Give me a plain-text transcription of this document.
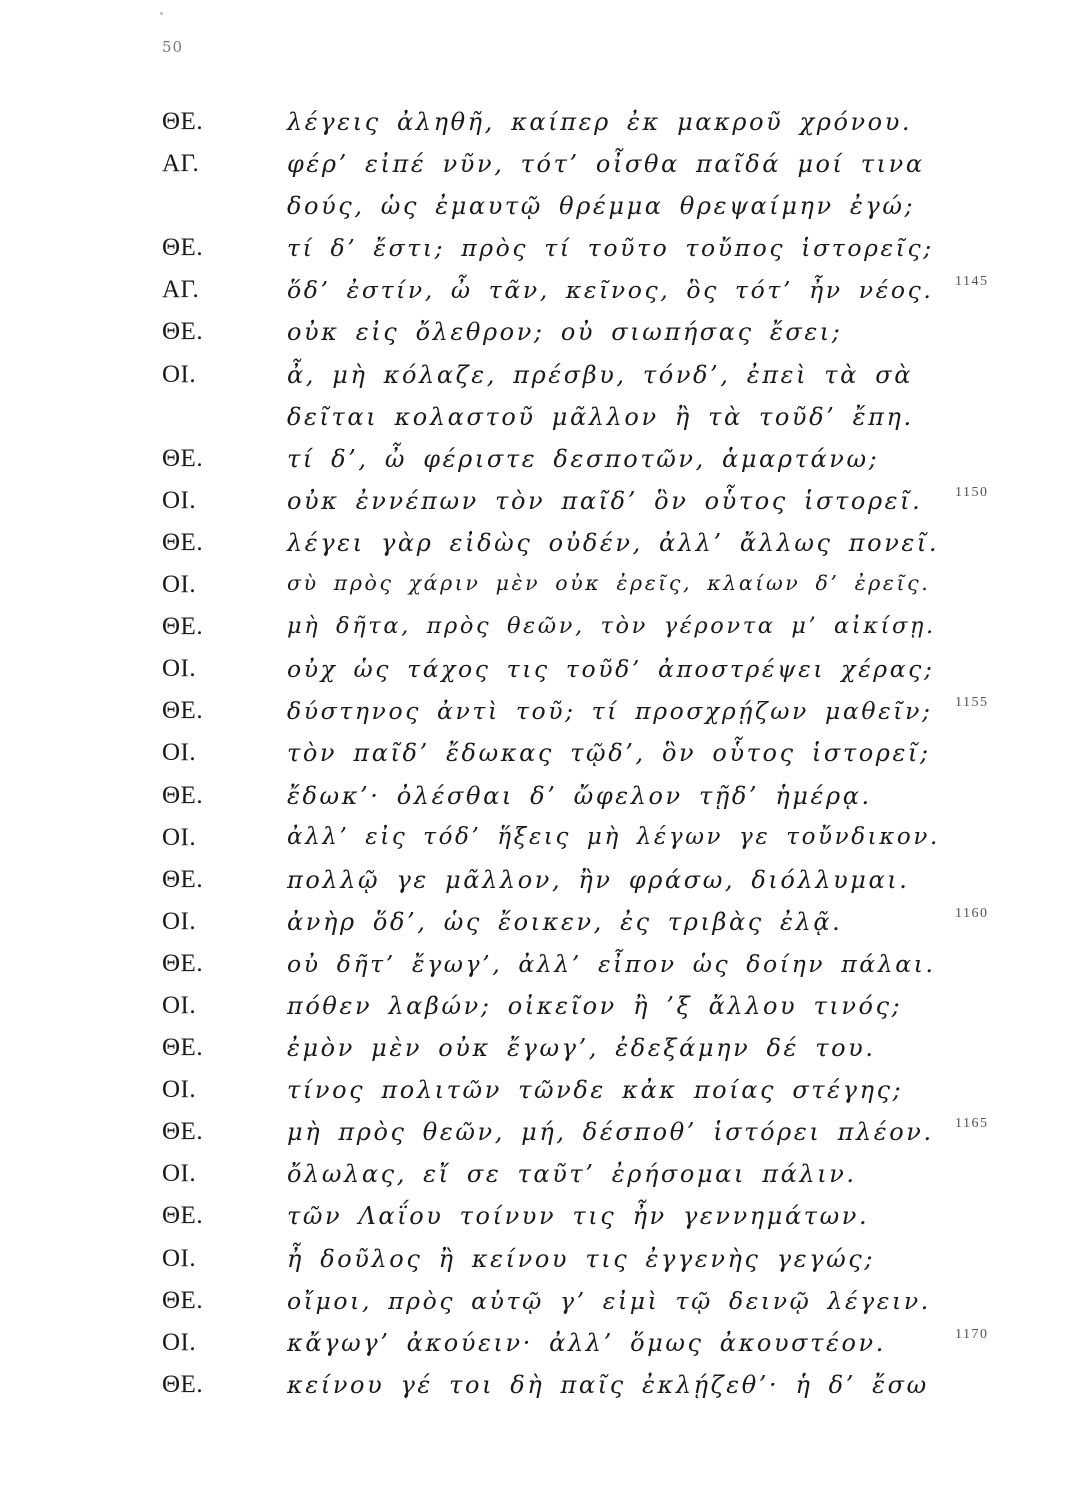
50
ΘΕ.	λέγεις ἀληθῆ, καίπερ ἐκ μακροῦ χρόνου.
ΑΓ.	φέρ’ εἰπέ νῦν, τότ’ οἶσθα παῖδά μοί τινα
δούς, ὡς ἐμαυτῷ θρέμμα θρεψαίμην ἐγώ;
ΘΕ.	τί δ’ ἔστι; πρὸς τί τοῦτο τοὔπος ἱστορεῖς;
ΑΓ.	ὅδ’ ἐστίν, ὦ τᾶν, κεῖνος, ὃς τότ’ ἦν νέος. 1145
ΘΕ.	οὐκ εἰς ὄλεθρον; οὐ σιωπήσας ἔσει;
ΟΙ.	ἆ, μὴ κόλαζε, πρέσβυ, τόνδ’, ἐπεὶ τὰ σὰ
δεῖται κολαστοῦ μᾶλλον ἢ τὰ τοῦδ’ ἔπη.
ΘΕ.	τί δ’, ὦ φέριστε δεσποτῶν, ἁμαρτάνω;
ΟΙ.	οὐκ ἐννέπων τὸν παῖδ’ ὃν οὗτος ἱστορεῖ. 1150
ΘΕ.	λέγει γὰρ εἰδὼς οὐδέν, ἀλλ’ ἄλλως πονεῖ.
ΟΙ.	σὺ πρὸς χάριν μὲν οὐκ ἐρεῖς, κλαίων δ’ ἐρεῖς.
ΘΕ.	μὴ δῆτα, πρὸς θεῶν, τὸν γέροντα μ’ αἰκίσῃ.
ΟΙ.	οὐχ ὡς τάχος τις τοῦδ’ ἀποστρέψει χέρας;
ΘΕ.	δύστηνος ἀντὶ τοῦ; τί προσχρῄζων μαθεῖν; 1155
ΟΙ.	τὸν παῖδ’ ἔδωκας τῷδ’, ὃν οὗτος ἱστορεῖ;
ΘΕ.	ἔδωκ’· ὀλέσθαι δ’ ὤφελον τῇδ’ ἡμέρᾳ.
ΟΙ.	ἀλλ’ εἰς τόδ’ ἥξεις μὴ λέγων γε τοὔνδικον.
ΘΕ.	πολλῷ γε μᾶλλον, ἢν φράσω, διόλλυμαι.
ΟΙ.	ἀνὴρ ὅδ’, ὡς ἔοικεν, ἐς τριβὰς ἐλᾷ.	1160
ΘΕ.	οὐ δῆτ’ ἔγωγ’, ἀλλ’ εἶπον ὡς δοίην πάλαι.
ΟΙ.	πόθεν λαβών; οἰκεῖον ἢ ’ξ ἄλλου τινός;
ΘΕ.	ἐμὸν μὲν οὐκ ἔγωγ’, ἐδεξάμην δέ του.
ΟΙ.	τίνος πολιτῶν τῶνδε κἀκ ποίας στέγης;
ΘΕ.	μὴ πρὸς θεῶν, μή, δέσποθ’ ἱστόρει πλέον. 1165
ΟΙ.	ὄλωλας, εἴ σε ταῦτ’ ἐρήσομαι πάλιν.
ΘΕ.	τῶν Λαΐου τοίνυν τις ἦν γεννημάτων.
ΟΙ.	ἦ δοῦλος ἢ κείνου τις ἐγγενὴς γεγώς;
ΘΕ.	οἴμοι, πρὸς αὐτῷ γ’ εἰμὶ τῷ δεινῷ λέγειν.
ΟΙ.	κἄγωγ’ ἀκούειν· ἀλλ’ ὅμως ἀκουστέον.	1170
ΘΕ.	κείνου γέ τοι δὴ παῖς ἐκλῄζεθ’· ἡ δ’ ἔσω
